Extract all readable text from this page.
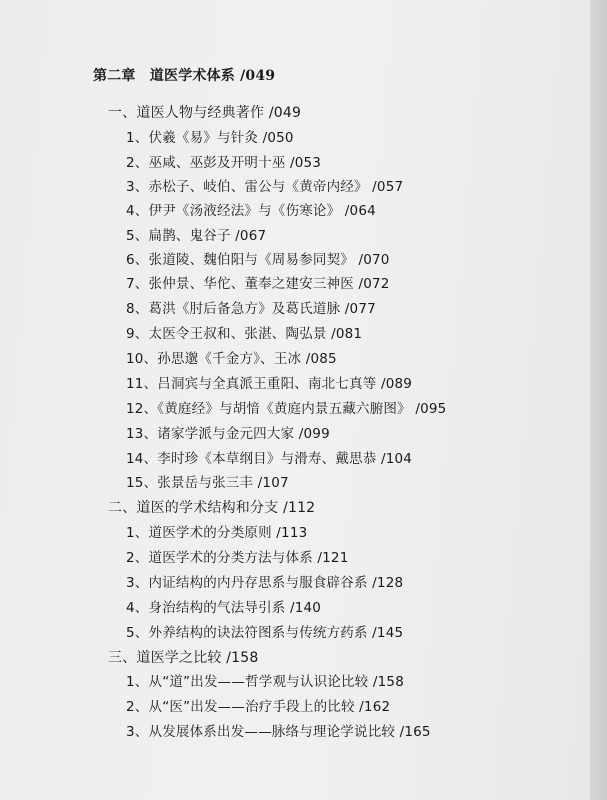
第二章　道医学术体系 /049
一、道医人物与经典著作 /049
1、伏羲《易》与针灸 /050
2、巫咸、巫彭及开明十巫 /053
3、赤松子、岐伯、雷公与《黄帝内经》 /057
4、伊尹《汤液经法》与《伤寒论》 /064
5、扁鹊、鬼谷子 /067
6、张道陵、魏伯阳与《周易参同契》 /070
7、张仲景、华佗、董奉之建安三神医 /072
8、葛洪《肘后备急方》及葛氏道脉 /077
9、太医令王叔和、张湛、陶弘景 /081
10、孙思邈《千金方》、王冰 /085
11、吕洞宾与全真派王重阳、南北七真等 /089
12、《黄庭经》与胡愔《黄庭内景五藏六腑图》 /095
13、诸家学派与金元四大家 /099
14、李时珍《本草纲目》与滑寿、戴思恭 /104
15、张景岳与张三丰 /107
二、道医的学术结构和分支 /112
1、道医学术的分类原则 /113
2、道医学术的分类方法与体系 /121
3、内证结构的内丹存思系与服食辟谷系 /128
4、身治结构的气法导引系 /140
5、外养结构的诀法符图系与传统方药系 /145
三、道医学之比较 /158
1、从“道”出发——哲学观与认识论比较 /158
2、从“医”出发——治疗手段上的比较 /162
3、从发展体系出发——脉络与理论学说比较 /165
